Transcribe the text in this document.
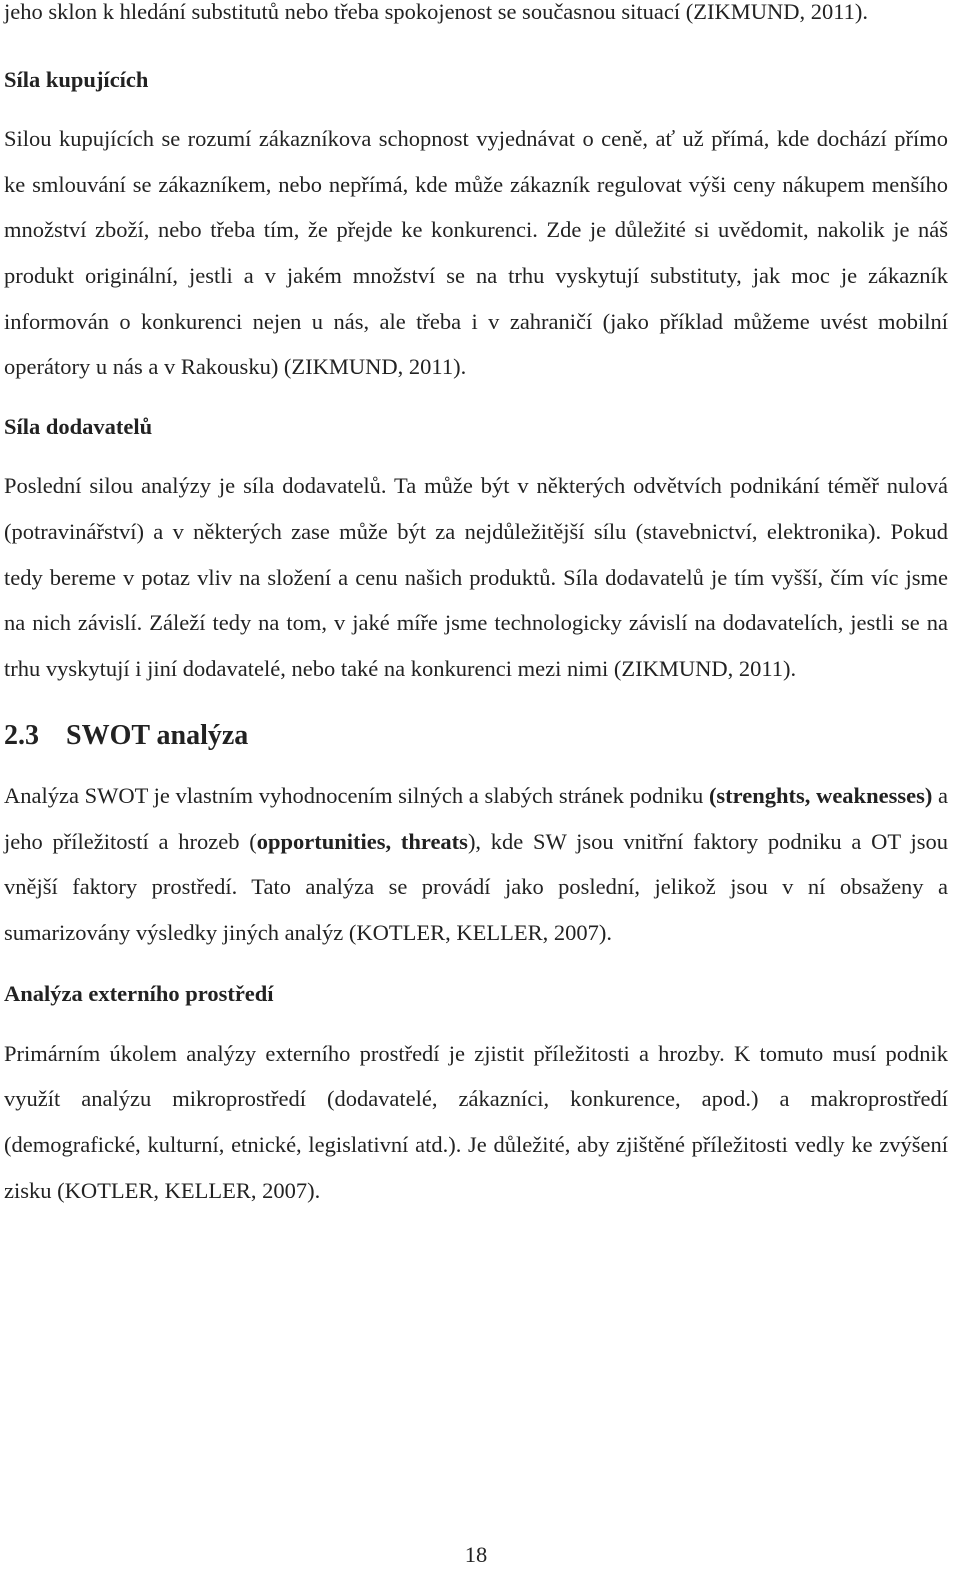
jeho sklon k hledání substitutů nebo třeba spokojenost se současnou situací (ZIKMUND, 2011).

Síla kupujících

Silou kupujících se rozumí zákazníkova schopnost vyjednávat o ceně, ať už přímá, kde dochází přímo ke smlouvání se zákazníkem, nebo nepřímá, kde může zákazník regulovat výši ceny nákupem menšího množství zboží, nebo třeba tím, že přejde ke konkurenci. Zde je důležité si uvědomit, nakolik je náš produkt originální, jestli a v jakém množství se na trhu vyskytují substituty, jak moc je zákazník informován o konkurenci nejen u nás, ale třeba i v zahraničí (jako příklad můžeme uvést mobilní operátory u nás a v Rakousku) (ZIKMUND, 2011).

Síla dodavatelů

Poslední silou analýzy je síla dodavatelů. Ta může být v některých odvětvích podnikání téměř nulová (potravinářství) a v některých zase může být za nejdůležitější sílu (stavebnictví, elektronika). Pokud tedy bereme v potaz vliv na složení a cenu našich produktů. Síla dodavatelů je tím vyšší, čím víc jsme na nich závislí. Záleží tedy na tom, v jaké míře jsme technologicky závislí na dodavatelích, jestli se na trhu vyskytují i jiní dodavatelé, nebo také na konkurenci mezi nimi (ZIKMUND, 2011).

2.3 SWOT analýza

Analýza SWOT je vlastním vyhodnocením silných a slabých stránek podniku (strenghts, weaknesses) a jeho příležitostí a hrozeb (opportunities, threats), kde SW jsou vnitřní faktory podniku a OT jsou vnější faktory prostředí. Tato analýza se provádí jako poslední, jelikož jsou v ní obsaženy a sumarizovány výsledky jiných analýz (KOTLER, KELLER, 2007).

Analýza externího prostředí

Primárním úkolem analýzy externího prostředí je zjistit příležitosti a hrozby. K tomuto musí podnik využít analýzu mikroprostředí (dodavatelé, zákazníci, konkurence, apod.) a makroprostředí (demografické, kulturní, etnické, legislativní atd.). Je důležité, aby zjištěné příležitosti vedly ke zvýšení zisku (KOTLER, KELLER, 2007).

18
